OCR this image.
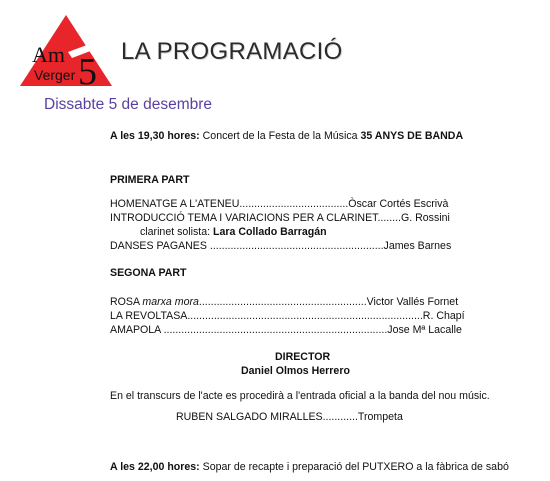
Am 5
Verger
LA PROGRAMACIÓ
Dissabte 5 de desembre
A les 19,30 hores: Concert de la Festa de la Música 35 ANYS DE BANDA
PRIMERA PART
HOMENATGE A L'ATENEU.....................................Òscar Cortés Escrivà
INTRODUCCIÓ TEMA I VARIACIONS PER A CLARINET........G. Rossini
clarinet solista: Lara Collado Barragán
DANSES PAGANES ...........................................................James Barnes
SEGONA PART
ROSA marxa mora.........................................................Victor Vallés Fornet
LA REVOLTASA................................................................................R. Chapí
AMAPOLA ............................................................................Jose Mª Lacalle
DIRECTOR
Daniel Olmos Herrero
En el transcurs de l'acte es procedirà a l'entrada oficial a la banda del nou músic.
RUBEN SALGADO MIRALLES............Trompeta
A les 22,00 hores: Sopar de recapte i preparació del PUTXERO a la fàbrica de sabó
